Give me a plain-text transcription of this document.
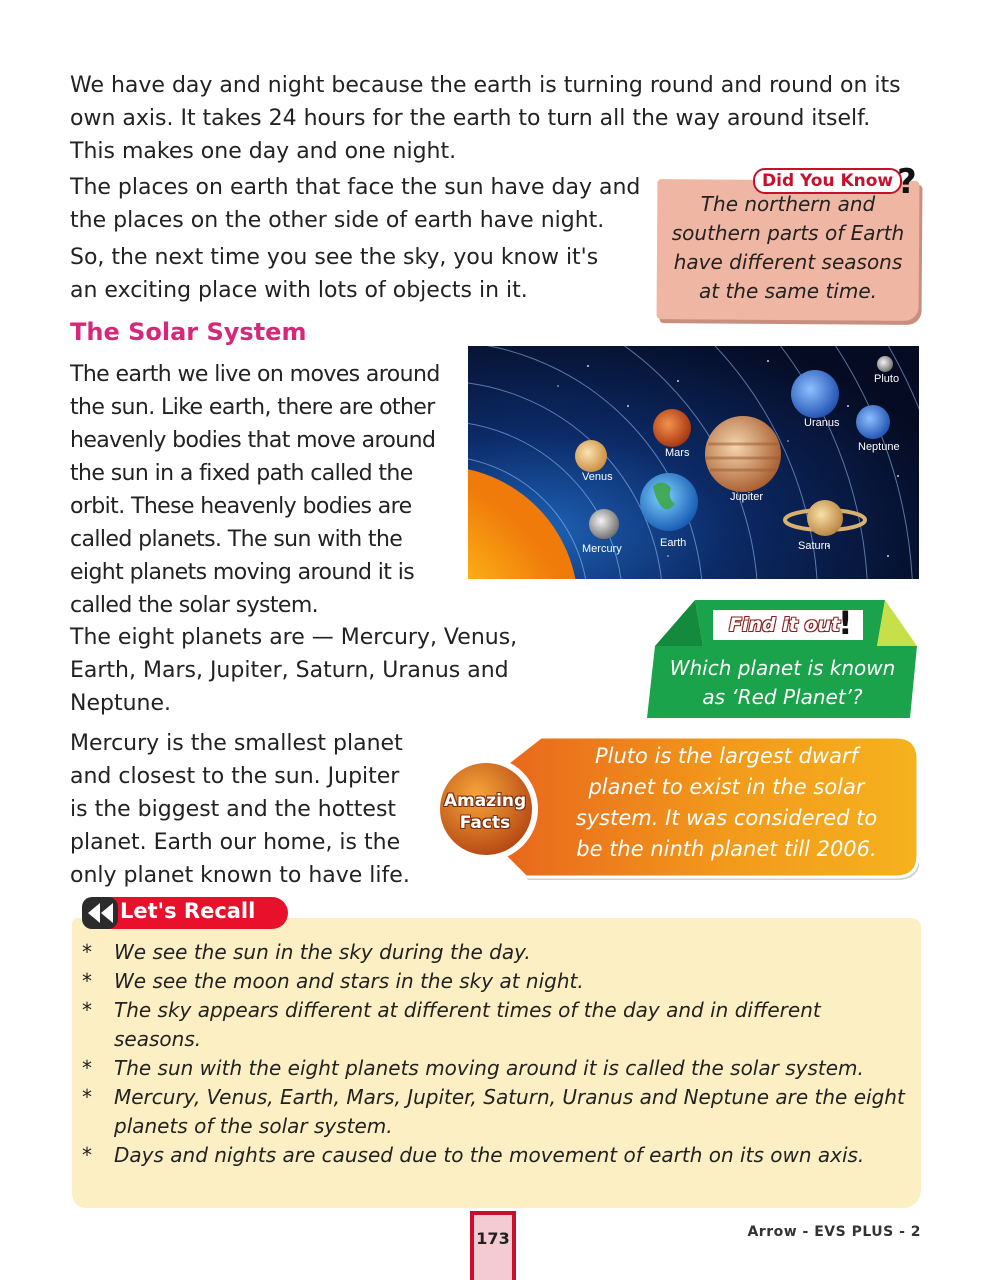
We have day and night because the earth is turning round and round on its
own axis. It takes 24 hours for the earth to turn all the way around itself.
This makes one day and one night.

The places on earth that face the sun have day and
the places on the other side of earth have night.

So, the next time you see the sky, you know it's
an exciting place with lots of objects in it.

Did You Know ?
The northern and
southern parts of Earth
have different seasons
at the same time.
The Solar System

The earth we live on moves around
the sun. Like earth, there are other
heavenly bodies that move around
the sun in a fixed path called the
orbit. These heavenly bodies are
called planets. The sun with the
eight planets moving around it is
called the solar system.

Pluto
Uranus
Neptune
Mars
Venus
Jupiter
Earth
Mercury	Saturn

The eight planets are — Mercury, Venus,
Earth, Mars, Jupiter, Saturn, Uranus and
Neptune.

Find it out
!
Which planet is known
as ‘Red Planet’?

Mercury is the smallest planet
and closest to the sun. Jupiter
is the biggest and the hottest
planet. Earth our home, is the
only planet known to have life.

Amazing
Facts
Pluto is the largest dwarf
planet to exist in the solar
system. It was considered to
be the ninth planet till 2006.
Let's Recall
* We see the sun in the sky during the day.
* We see the moon and stars in the sky at night.
* The sky appears different at different times of the day and in different seasons.
* The sun with the eight planets moving around it is called the solar system.
* Mercury, Venus, Earth, Mars, Jupiter, Saturn, Uranus and Neptune are the eight planets of the solar system.
* Days and nights are caused due to the movement of earth on its own axis.
173	Arrow - EVS PLUS - 2
